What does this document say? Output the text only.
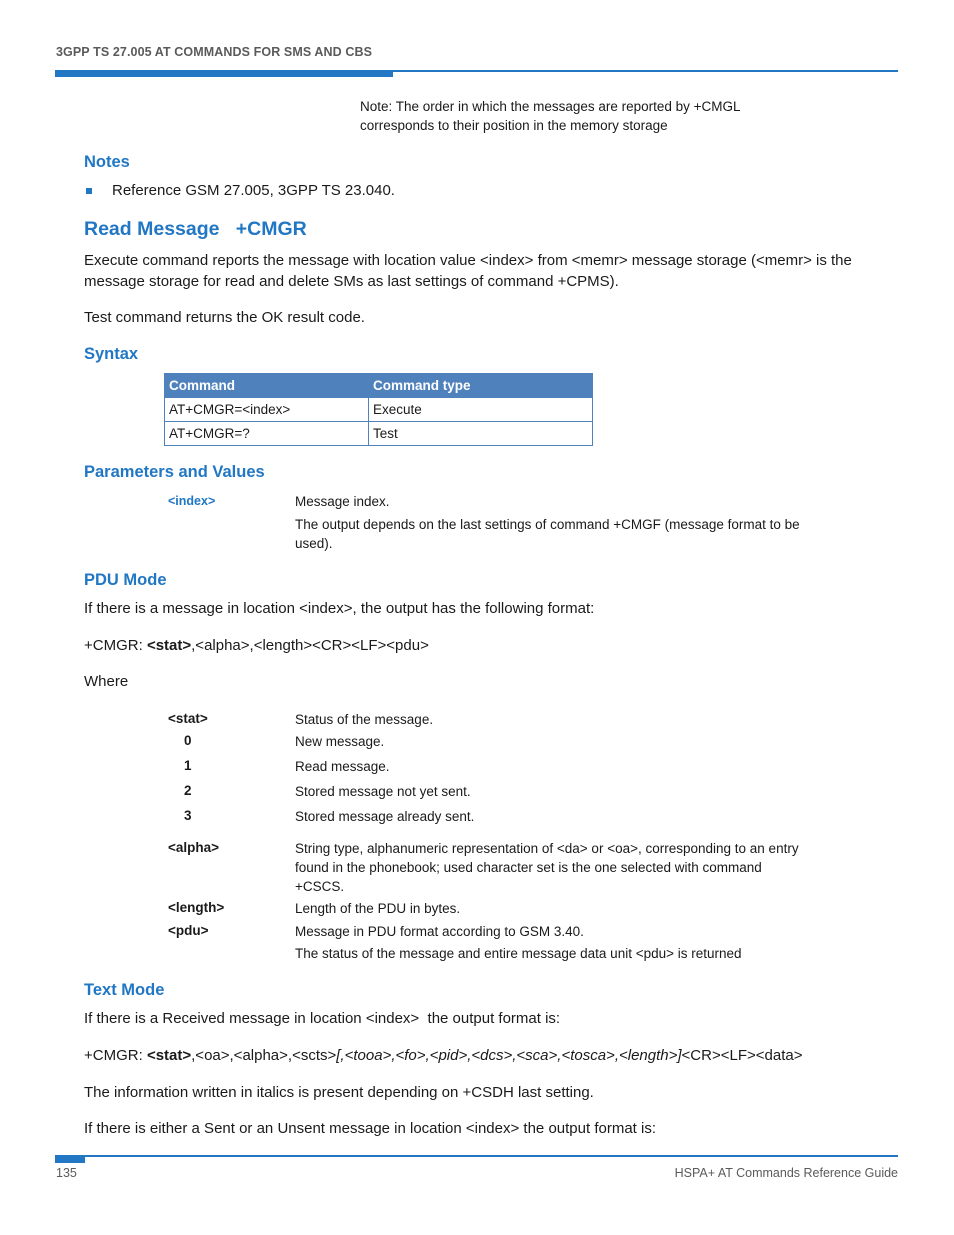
3GPP TS 27.005 AT COMMANDS FOR SMS AND CBS
Note: The order in which the messages are reported by +CMGL corresponds to their position in the memory storage
Notes
Reference GSM 27.005, 3GPP TS 23.040.
Read Message   +CMGR
Execute command reports the message with location value <index> from <memr> message storage (<memr> is the message storage for read and delete SMs as last settings of command +CPMS).
Test command returns the OK result code.
Syntax
Command	Command type
AT+CMGR=<index>	Execute
AT+CMGR=?	Test
Parameters and Values
<index>	Message index.
The output depends on the last settings of command +CMGF (message format to be used).
PDU Mode
If there is a message in location <index>, the output has the following format:
+CMGR: <stat>,<alpha>,<length><CR><LF><pdu>
Where
<stat>	Status of the message.
0	New message.
1	Read message.
2	Stored message not yet sent.
3	Stored message already sent.
<alpha>	String type, alphanumeric representation of <da> or <oa>, corresponding to an entry found in the phonebook; used character set is the one selected with command +CSCS.
<length>	Length of the PDU in bytes.
<pdu>	Message in PDU format according to GSM 3.40.
The status of the message and entire message data unit <pdu> is returned
Text Mode
If there is a Received message in location <index>  the output format is:
+CMGR: <stat>,<oa>,<alpha>,<scts>[,<tooa>,<fo>,<pid>,<dcs>,<sca>,<tosca>,<length>]<CR><LF><data>
The information written in italics is present depending on +CSDH last setting.
If there is either a Sent or an Unsent message in location <index> the output format is:
135	HSPA+ AT Commands Reference Guide
